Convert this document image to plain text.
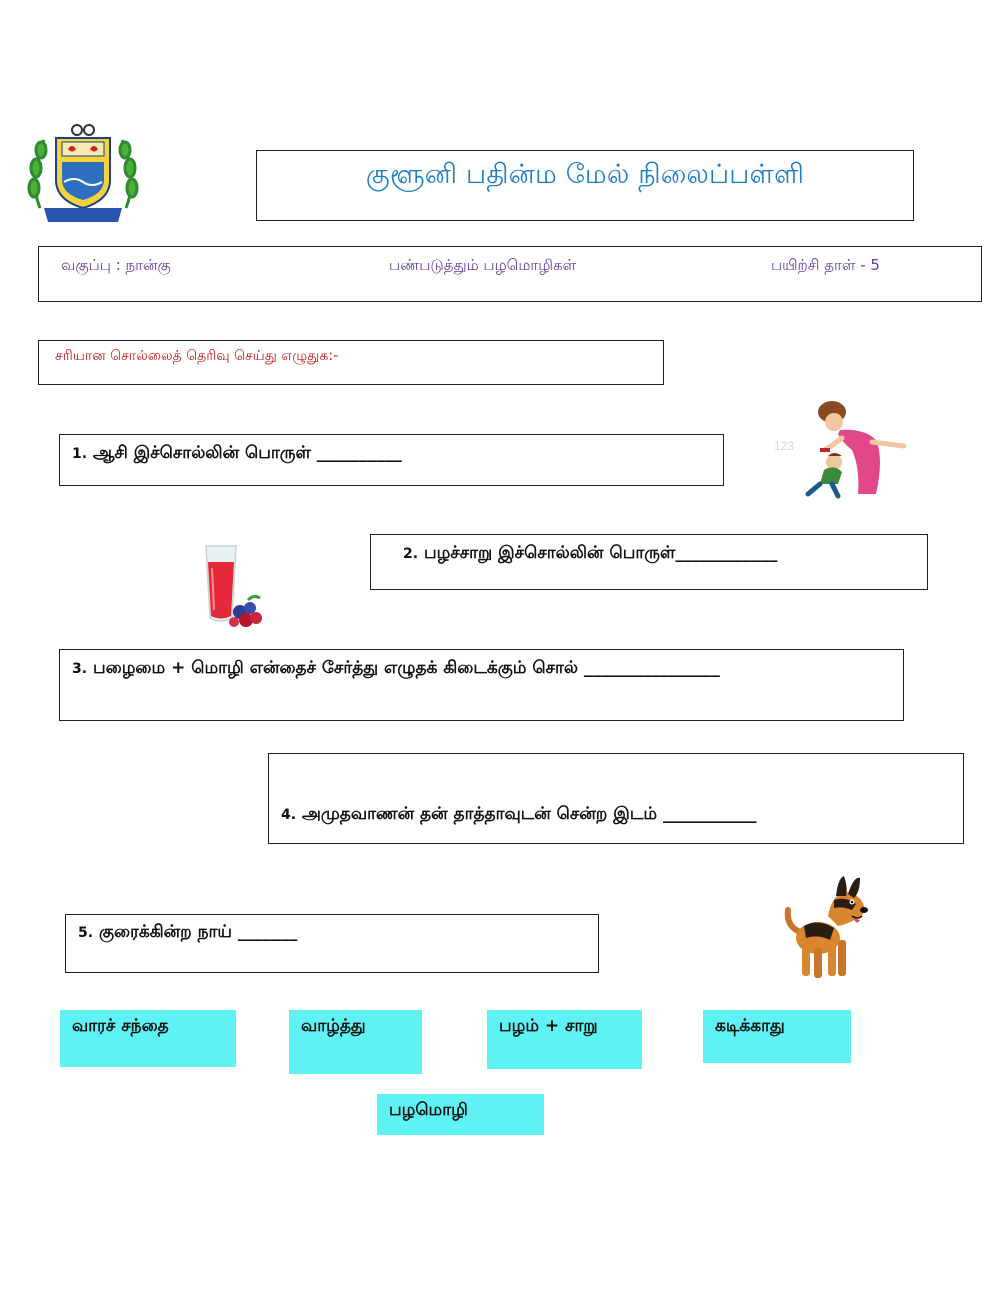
குளூனி பதின்ம மேல் நிலைப்பள்ளி
வகுப்பு : நான்கு	பண்படுத்தும் பழமொழிகள்	பயிற்சி தாள் - 5
சரியான சொல்லைத் தெரிவு செய்து எழுதுக:-
1. ஆசி இச்சொல்லின் பொருள் __________	123
2. பழச்சாறு இச்சொல்லின் பொருள்____________
3. பழைமை + மொழி என்தைச் சேர்த்து எழுதக் கிடைக்கும் சொல் ________________
4. அமுதவாணன் தன் தாத்தாவுடன் சென்ற இடம் ___________
5. குரைக்கின்ற நாய் _______
வாரச் சந்தை	வாழ்த்து	பழம் + சாறு	கடிக்காது
பழமொழி
